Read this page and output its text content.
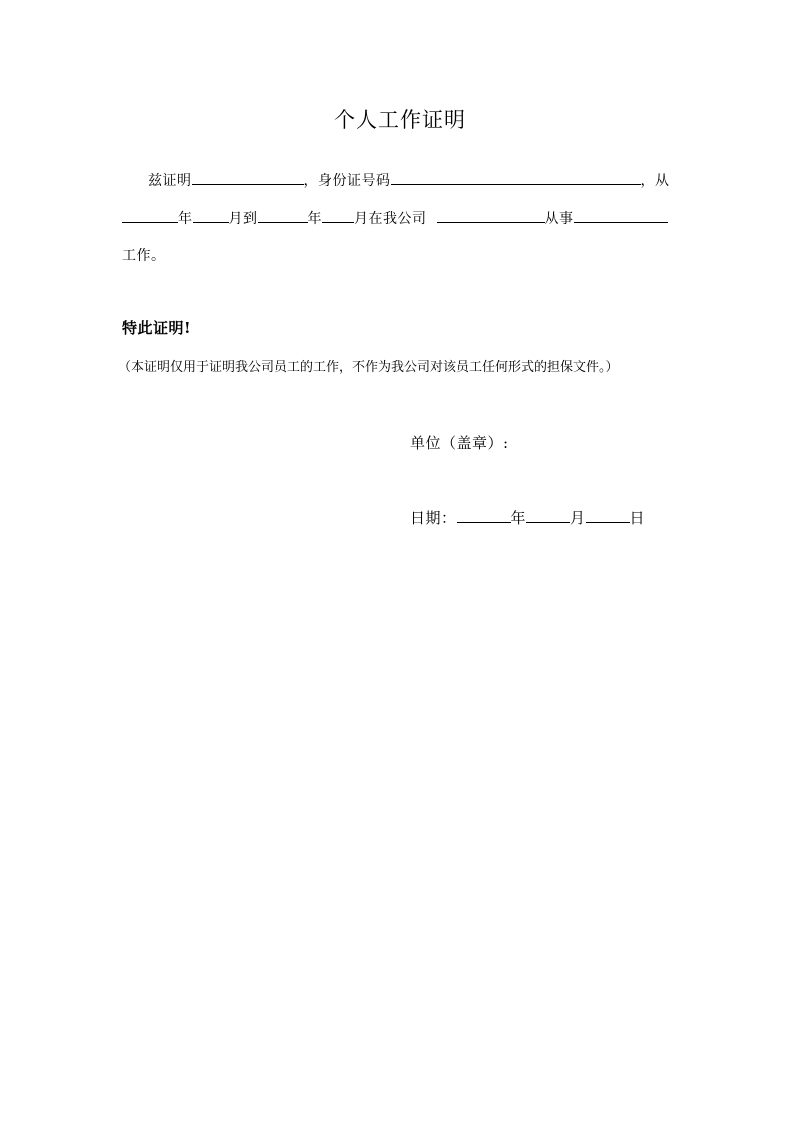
个人工作证明
兹证明	，身份证号码	，从
年	月到	年 月在我公司	从事
工作。
特此证明!
（本证明仅用于证明我公司员工的工作，不作为我公司对该员工任何形式的担保文件。）
单位（盖章）:
日期：	年	月	日
